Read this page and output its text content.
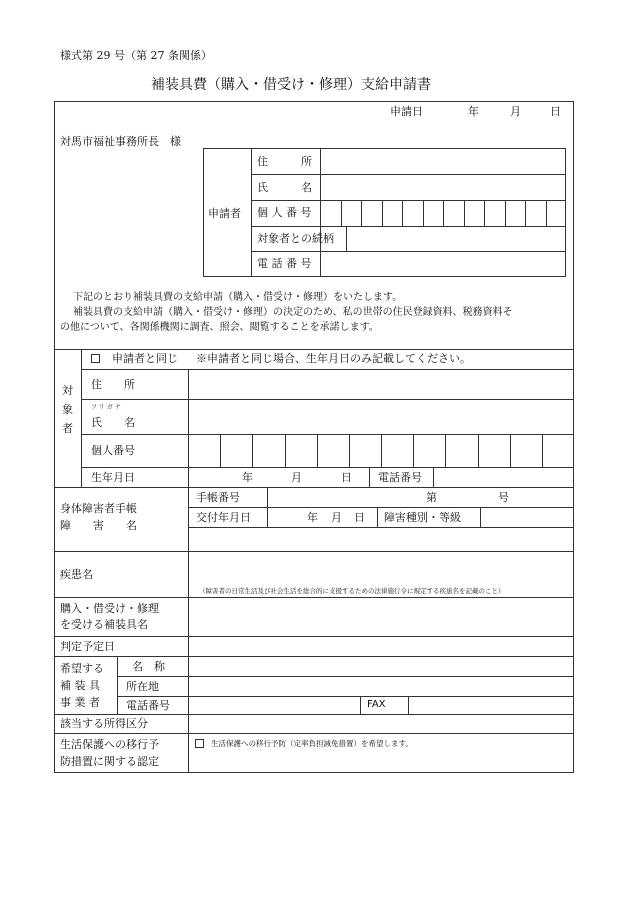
様式第 29 号（第 27 条関係）
補装具費（購入・借受け・修理）支給申請書
申請日	年	月	日
対馬市福祉事務所長　様
申請者
住　　　所
氏　　　名
個 人 番 号
対象者との続柄
電 話 番 号
下記のとおり補装具費の支給申請（購入・借受け・修理）をいたします。
補装具費の支給申請（購入・借受け・修理）の決定のため、私の世帯の住民登録資料、税務資料そ
の他について、各関係機関に調査、照会、閲覧することを承諾します。
対
象
者
申請者と同じ ※申請者と同じ場合、生年月日のみ記載してください。
住　　所
フリガナ
氏　　名
個人番号
生年月日	年	月	日 電話番号
身体障害者手帳
障　　害　　名
手帳番号	第	号
交付年月日	年 月 日 障害種別・等級
疾患名
（障害者の日常生活及び社会生活を総合的に支援するための法律施行令に規定する疾患名を記載のこと）
購入・借受け・修理
を受ける補装具名
判定予定日
希望する
補 装 具
事 業 者
名　称
所在地
電話番号	FAX
該当する所得区分
生活保護への移行予
防措置に関する認定
生活保護への移行予防（定率負担減免措置）を希望します。
